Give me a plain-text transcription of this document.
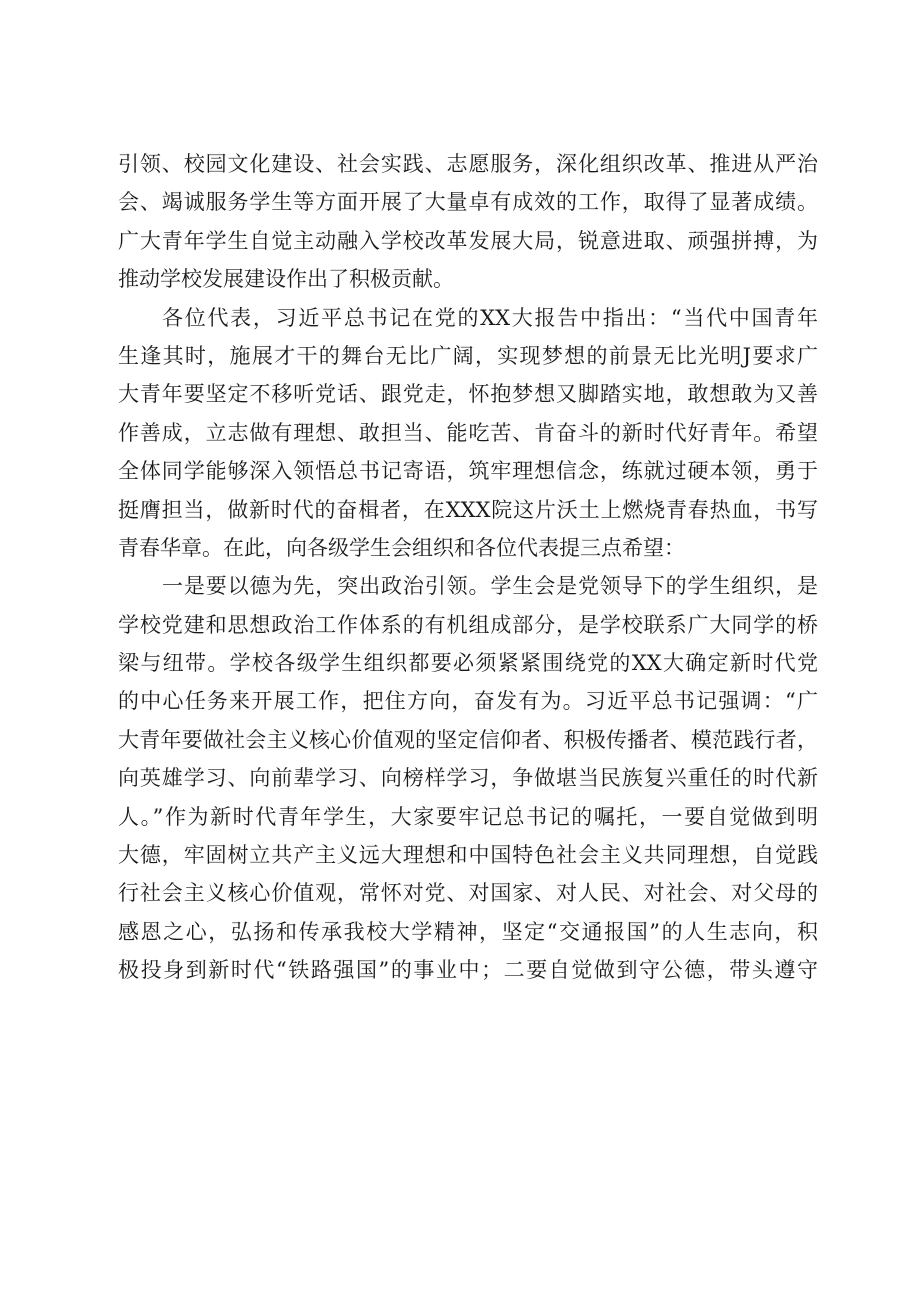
引领、校园文化建设、社会实践、志愿服务，深化组织改革、推进从严治
会、竭诚服务学生等方面开展了大量卓有成效的工作，取得了显著成绩。
广大青年学生自觉主动融入学校改革发展大局，锐意进取、顽强拼搏，为
推动学校发展建设作出了积极贡献。
各位代表，习近平总书记在党的XX大报告中指出：“当代中国青年
生逢其时，施展才干的舞台无比广阔，实现梦想的前景无比光明J要求广
大青年要坚定不移听党话、跟党走，怀抱梦想又脚踏实地，敢想敢为又善
作善成，立志做有理想、敢担当、能吃苦、肯奋斗的新时代好青年。希望
全体同学能够深入领悟总书记寄语，筑牢理想信念，练就过硬本领，勇于
挺膺担当，做新时代的奋楫者，在XXX院这片沃土上燃烧青春热血，书写
青春华章。在此，向各级学生会组织和各位代表提三点希望：
一是要以德为先，突出政治引领。学生会是党领导下的学生组织，是
学校党建和思想政治工作体系的有机组成部分，是学校联系广大同学的桥
梁与纽带。学校各级学生组织都要必须紧紧围绕党的XX大确定新时代党
的中心任务来开展工作，把住方向，奋发有为。习近平总书记强调：“广
大青年要做社会主义核心价值观的坚定信仰者、积极传播者、模范践行者，
向英雄学习、向前辈学习、向榜样学习，争做堪当民族复兴重任的时代新
人。”作为新时代青年学生，大家要牢记总书记的嘱托，一要自觉做到明
大德，牢固树立共产主义远大理想和中国特色社会主义共同理想，自觉践
行社会主义核心价值观，常怀对党、对国家、对人民、对社会、对父母的
感恩之心，弘扬和传承我校大学精神，坚定“交通报国”的人生志向，积
极投身到新时代“铁路强国”的事业中；二要自觉做到守公德，带头遵守
